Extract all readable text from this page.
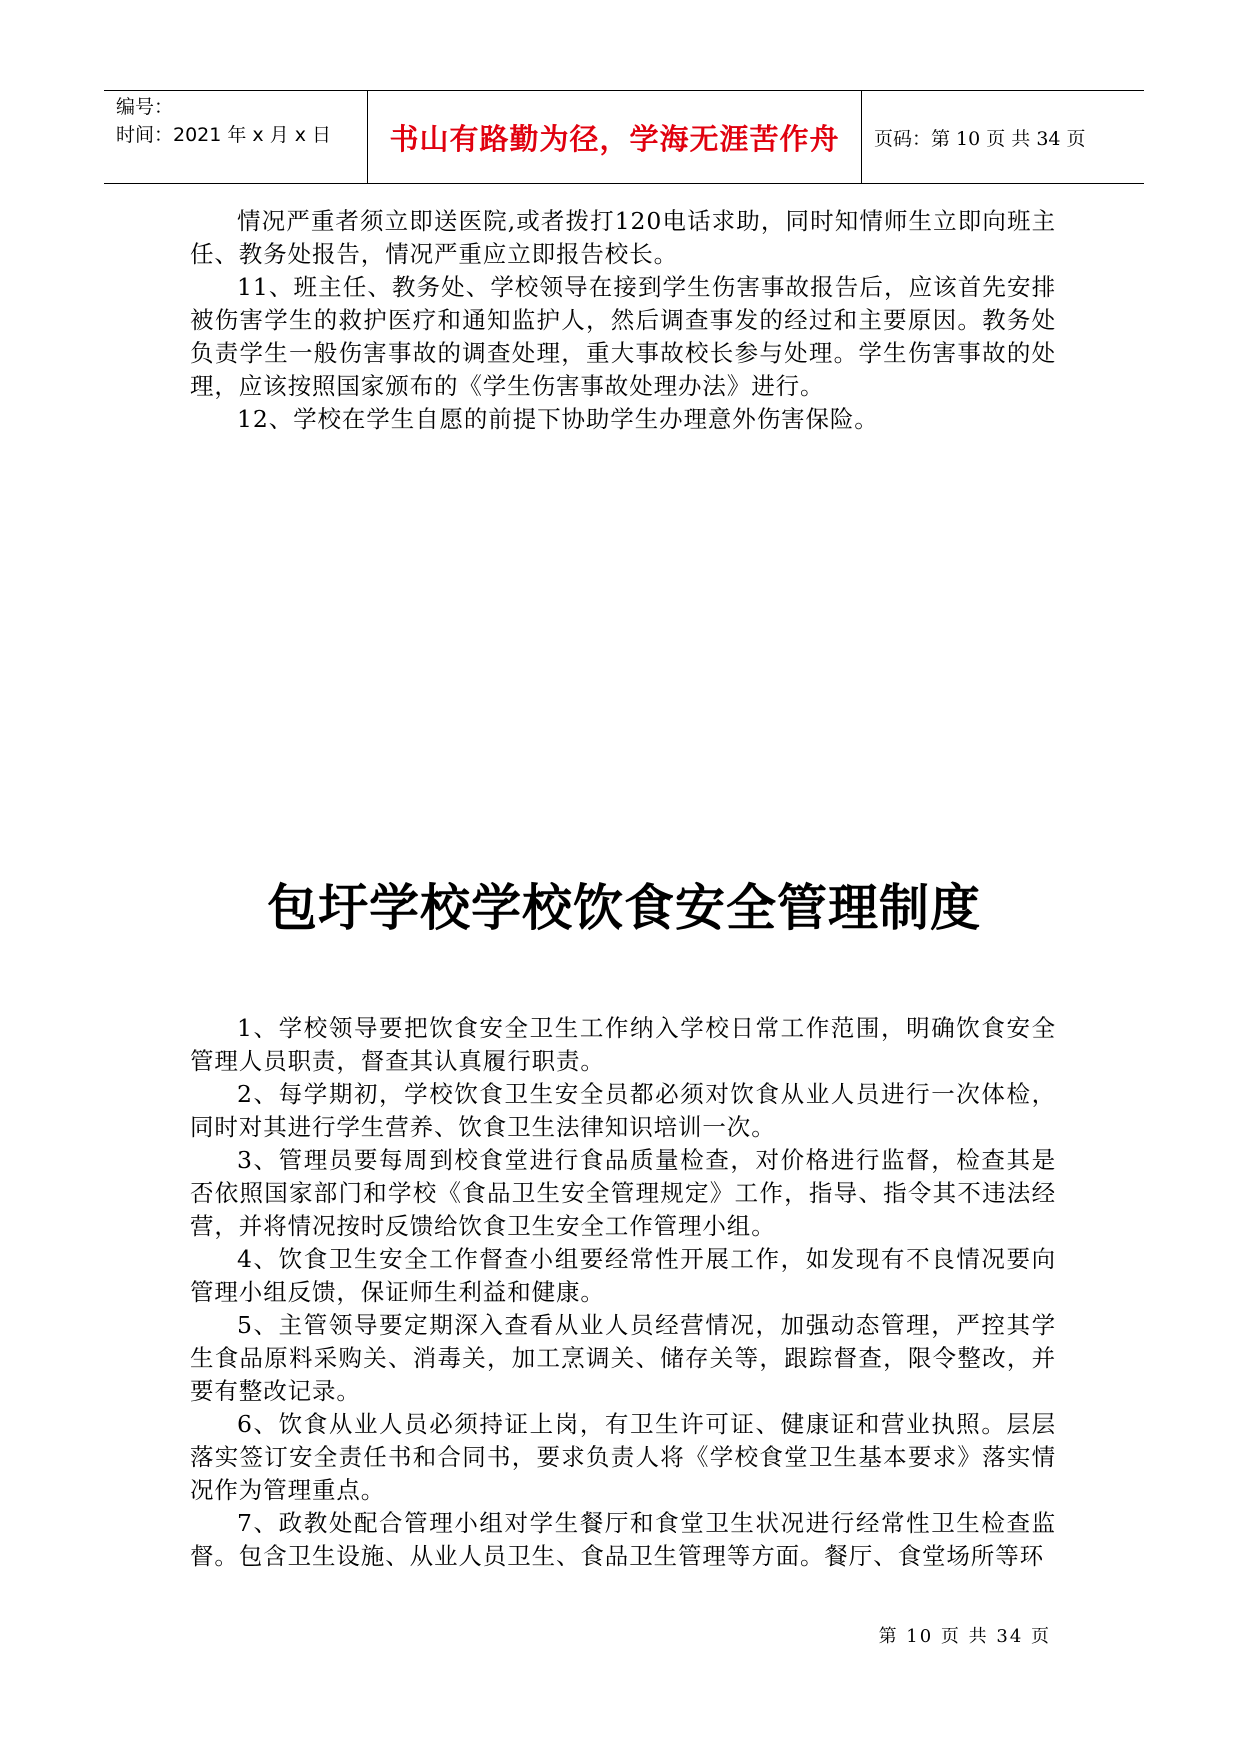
编号：
时间：2021 年 x 月 x 日	书山有路勤为径，学海无涯苦作舟 页码：第 10 页 共 34 页

情况严重者须立即送医院,或者拨打120电话求助，同时知情师生立即向班主任、教务处报告，情况严重应立即报告校长。

11、班主任、教务处、学校领导在接到学生伤害事故报告后，应该首先安排被伤害学生的救护医疗和通知监护人，然后调查事发的经过和主要原因。教务处负责学生一般伤害事故的调查处理，重大事故校长参与处理。学生伤害事故的处理，应该按照国家颁布的《学生伤害事故处理办法》进行。

12、学校在学生自愿的前提下协助学生办理意外伤害保险。

包圩学校学校饮食安全管理制度

1、学校领导要把饮食安全卫生工作纳入学校日常工作范围，明确饮食安全管理人员职责，督查其认真履行职责。

2、每学期初，学校饮食卫生安全员都必须对饮食从业人员进行一次体检，同时对其进行学生营养、饮食卫生法律知识培训一次。

3、管理员要每周到校食堂进行食品质量检查，对价格进行监督，检查其是否依照国家部门和学校《食品卫生安全管理规定》工作，指导、指令其不违法经营，并将情况按时反馈给饮食卫生安全工作管理小组。

4、饮食卫生安全工作督查小组要经常性开展工作，如发现有不良情况要向管理小组反馈，保证师生利益和健康。

5、主管领导要定期深入查看从业人员经营情况，加强动态管理，严控其学生食品原料采购关、消毒关，加工烹调关、储存关等，跟踪督查，限令整改，并要有整改记录。

6、饮食从业人员必须持证上岗，有卫生许可证、健康证和营业执照。层层落实签订安全责任书和合同书，要求负责人将《学校食堂卫生基本要求》落实情况作为管理重点。

7、政教处配合管理小组对学生餐厅和食堂卫生状况进行经常性卫生检查监督。包含卫生设施、从业人员卫生、食品卫生管理等方面。餐厅、食堂场所等环

第 10 页 共 34 页
